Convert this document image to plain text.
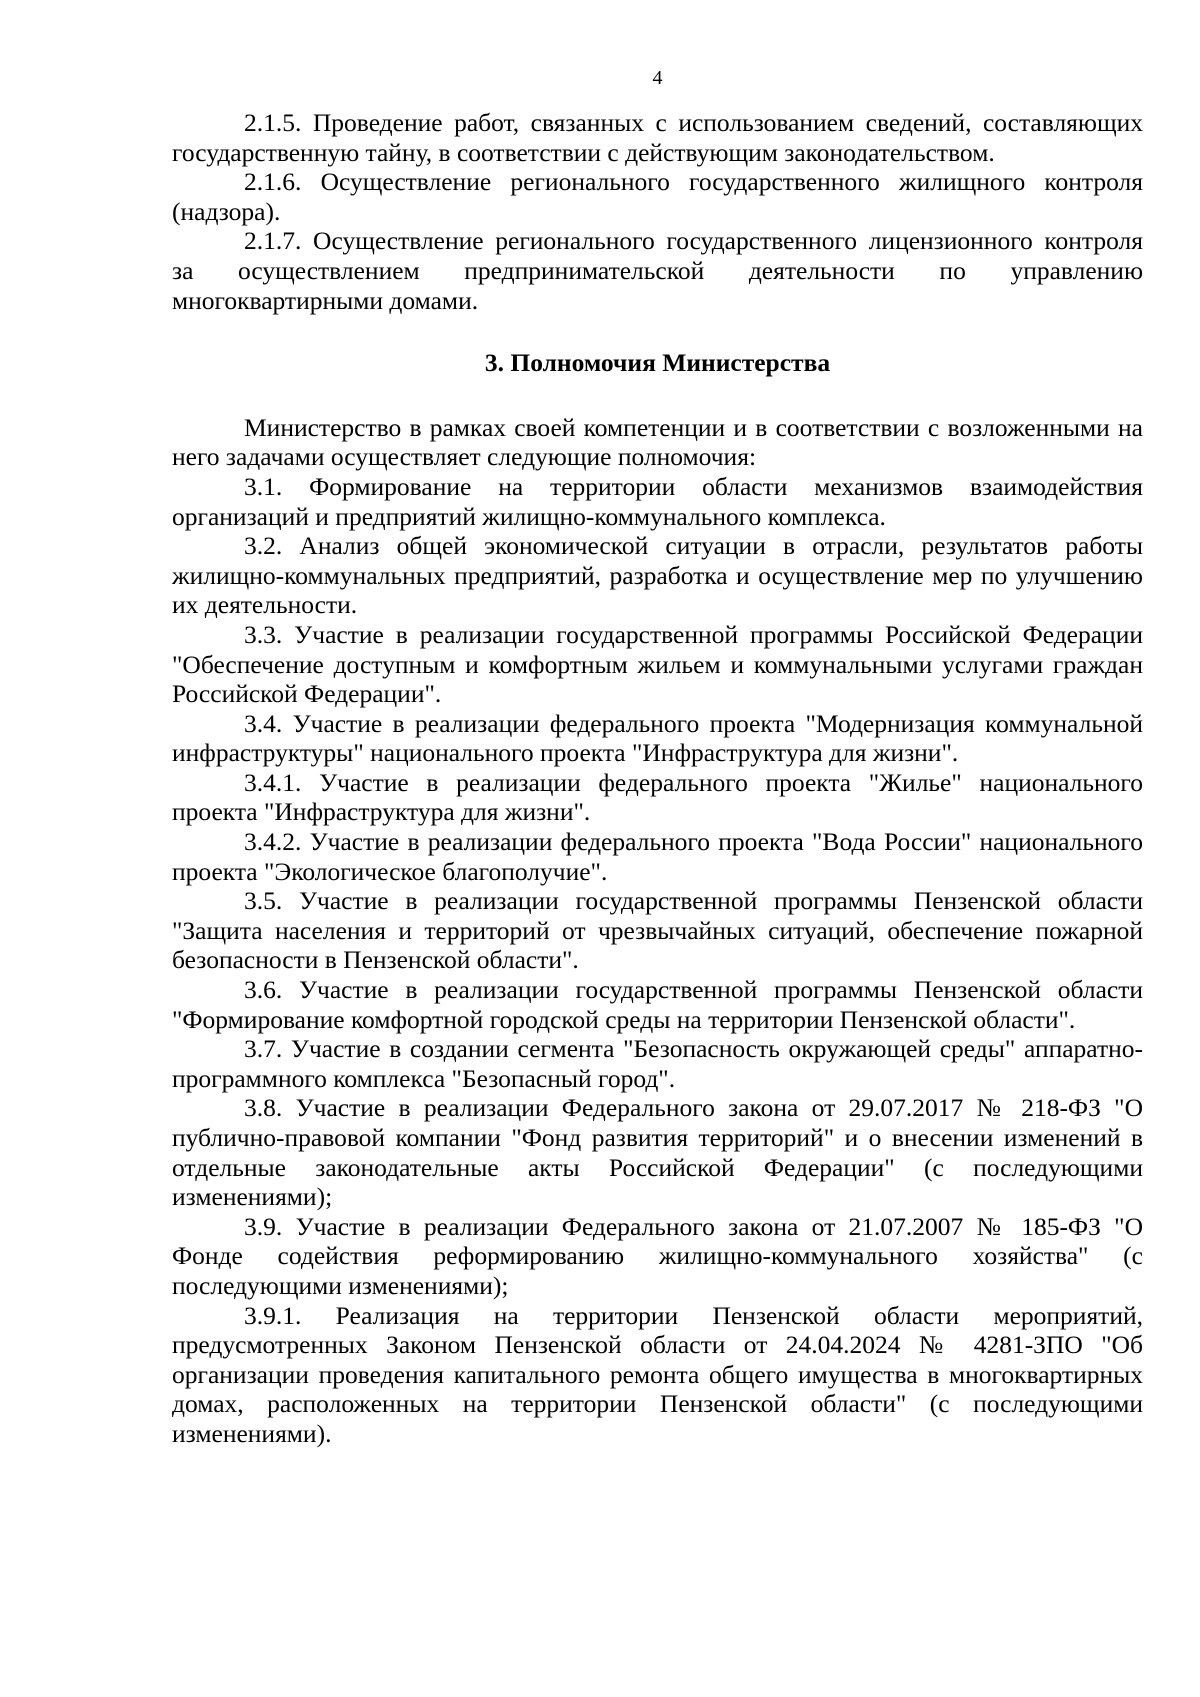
4

2.1.5. Проведение работ, связанных с использованием сведений, составляющих государственную тайну, в соответствии с действующим законодательством.

2.1.6. Осуществление регионального государственного жилищного контроля (надзора).

2.1.7. Осуществление регионального государственного лицензионного контроля за осуществлением предпринимательской деятельности по управлению многоквартирными домами.

3. Полномочия Министерства

Министерство в рамках своей компетенции и в соответствии с возложенными на него задачами осуществляет следующие полномочия:

3.1. Формирование на территории области механизмов взаимодействия организаций и предприятий жилищно-коммунального комплекса.

3.2. Анализ общей экономической ситуации в отрасли, результатов работы жилищно-коммунальных предприятий, разработка и осуществление мер по улучшению их деятельности.

3.3. Участие в реализации государственной программы Российской Федерации "Обеспечение доступным и комфортным жильем и коммунальными услугами граждан Российской Федерации".

3.4. Участие в реализации федерального проекта "Модернизация коммунальной инфраструктуры" национального проекта "Инфраструктура для жизни".

3.4.1. Участие в реализации федерального проекта "Жилье" национального проекта "Инфраструктура для жизни".

3.4.2. Участие в реализации федерального проекта "Вода России" национального проекта "Экологическое благополучие".

3.5. Участие в реализации государственной программы Пензенской области "Защита населения и территорий от чрезвычайных ситуаций, обеспечение пожарной безопасности в Пензенской области".

3.6. Участие в реализации государственной программы Пензенской области "Формирование комфортной городской среды на территории Пензенской области".

3.7. Участие в создании сегмента "Безопасность окружающей среды" аппаратно-программного комплекса "Безопасный город".

3.8. Участие в реализации Федерального закона от 29.07.2017 № 218-ФЗ "О публично-правовой компании "Фонд развития территорий" и о внесении изменений в отдельные законодательные акты Российской Федерации" (с последующими изменениями);

3.9. Участие в реализации Федерального закона от 21.07.2007 № 185-ФЗ "О Фонде содействия реформированию жилищно-коммунального хозяйства" (с последующими изменениями);

3.9.1. Реализация на территории Пензенской области мероприятий, предусмотренных Законом Пензенской области от 24.04.2024 № 4281-ЗПО "Об организации проведения капитального ремонта общего имущества в многоквартирных домах, расположенных на территории Пензенской области" (с последующими изменениями).
